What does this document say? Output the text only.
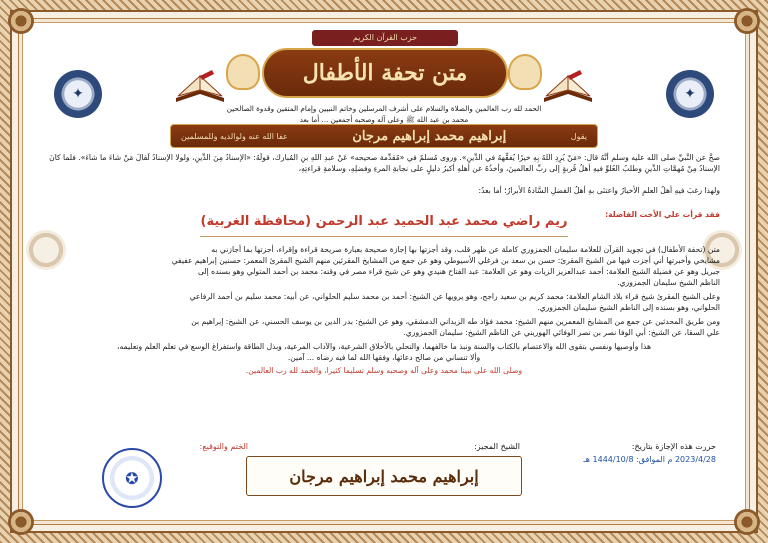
حزب القرآن الكريم
متن تحفة الأطفال
✦	✦
الحمد لله رب العالمين والصلاة والسلام على أشرف المرسلين وخاتم النبيين وإمام المتقين وقدوة الصالحين
محمد بن عبد الله ﷺ وعلى آله وصحبه أجمعين ... أما بعد
يقول
إبراهيم محمد إبراهيم مرجان
عفا الله عنه ولوالديه وللمسلمين
صحَّ عن النَّبيِّ صلى الله عليه وسلم أنَّهُ قال: «مَنْ يُرِدِ اللهُ بِهِ خيرًا يُفقِّههُ في الدِّينِ». وروى مُسلمٌ في «مُقدِّمة صحيحه» عَنْ عبدِ اللهِ بنِ المُبارك، قولَهُ: «الإسنادُ مِنَ الدِّينِ، ولولا الإسنادُ لَقالَ مَنْ شاءَ ما شاءَ». فلما كانَ الإسنادُ مِنْ مُهمَّاتِ الدِّينِ وطلبُ العُلوِّ فيهِ أهلُ قُربةٍ إلى ربِّ العالمينَ، وأخذُهُ عن أهلهِ أكبرُ دليلٍ على نجابةِ المرءِ وفضلِهِ، وسلامةِ قراءتِهِ،
ولهذا رغبَ فيهِ أهلُ العلمِ الأخيارُ واعتنَى بهِ أهلُ الفضلِ السَّادةُ الأبرارُ؛ أما بعدُ:
فقد قرأت علي الأخت الفاضلة:
ريم راضي محمد عبد الحميد عبد الرحمن (محافظة الغربية)
متن (تحفة الأطفال) في تجويد القرآن للعلامة سليمان الجمزوري كاملة عن ظهر قلب، وقد أجزتها بها إجازة صحيحة بعبارة صريحة قراءة وإقراء، أجزتها بما أجازني به
مشايخي وأخبرتها أني أجزت فيها من الشيخ المقرئ: حسن بن سعد بن فرغلي الأسيوطي وهو عن جمع من المشايخ المقرئين منهم الشيخ المقرئ المعمر: حسنين إبراهيم عفيفي
جبريل وهو عن فضيلة الشيخ العلامة: أحمد عبدالعزيز الزيات وهو عن العلامة: عبد الفتاح هنيدي وهو عن شيخ قراء مصر في وقته: محمد بن أحمد المتولي وهو بسنده إلى
الناظم الشيخ سليمان الجمزوري.
وعلى الشيخ المقرئ شيخ قراء بلاد الشام العلامة: محمد كريم بن سعيد راجح، وهو يرويها عن الشيخ: أحمد بن محمد سليم الحلواني، عن أبيه: محمد سليم بن أحمد الرفاعي
الحلواني، وهو بسنده إلى الناظم الشيخ سليمان الجمزوري.
ومن طريق المحدثين عن جمع من المشايخ المعمرين منهم الشيخ: محمد فؤاد طه الزيداني الدمشقي، وهو عن الشيخ: بدر الدين بن يوسف الحسني، عن الشيخ: إبراهيم بن
علي السقا، عن الشيخ: أبي الوفا نصر بن نصر الوفائي الهوريني عن الناظم الشيخ: سليمان الجمزوري.
هذا وأوصيها ونفسي بتقوى الله والاعتصام بالكتاب والسنة ونبذ ما خالفهما، والتحلي بالأخلاق الشرعية، والآداب المرعية، وبذل الطاقة واستفراغ الوسع في تعلم العلم وتعليمه،
وألا تنساني من صالح دعائها، وفقها الله لما فيه رضاه ... آمين.
وصلى الله على نبينا محمد وعلى آله وصحبه وسلم تسليما كثيرا، والحمد لله رب العالمين.
حررت هذه الإجازة بتاريخ:
2023/4/28 م الموافق: 1444/10/8 هـ
الشيخ المجيز:
إبراهيم محمد إبراهيم مرجان
الختم والتوقيع:
✪
